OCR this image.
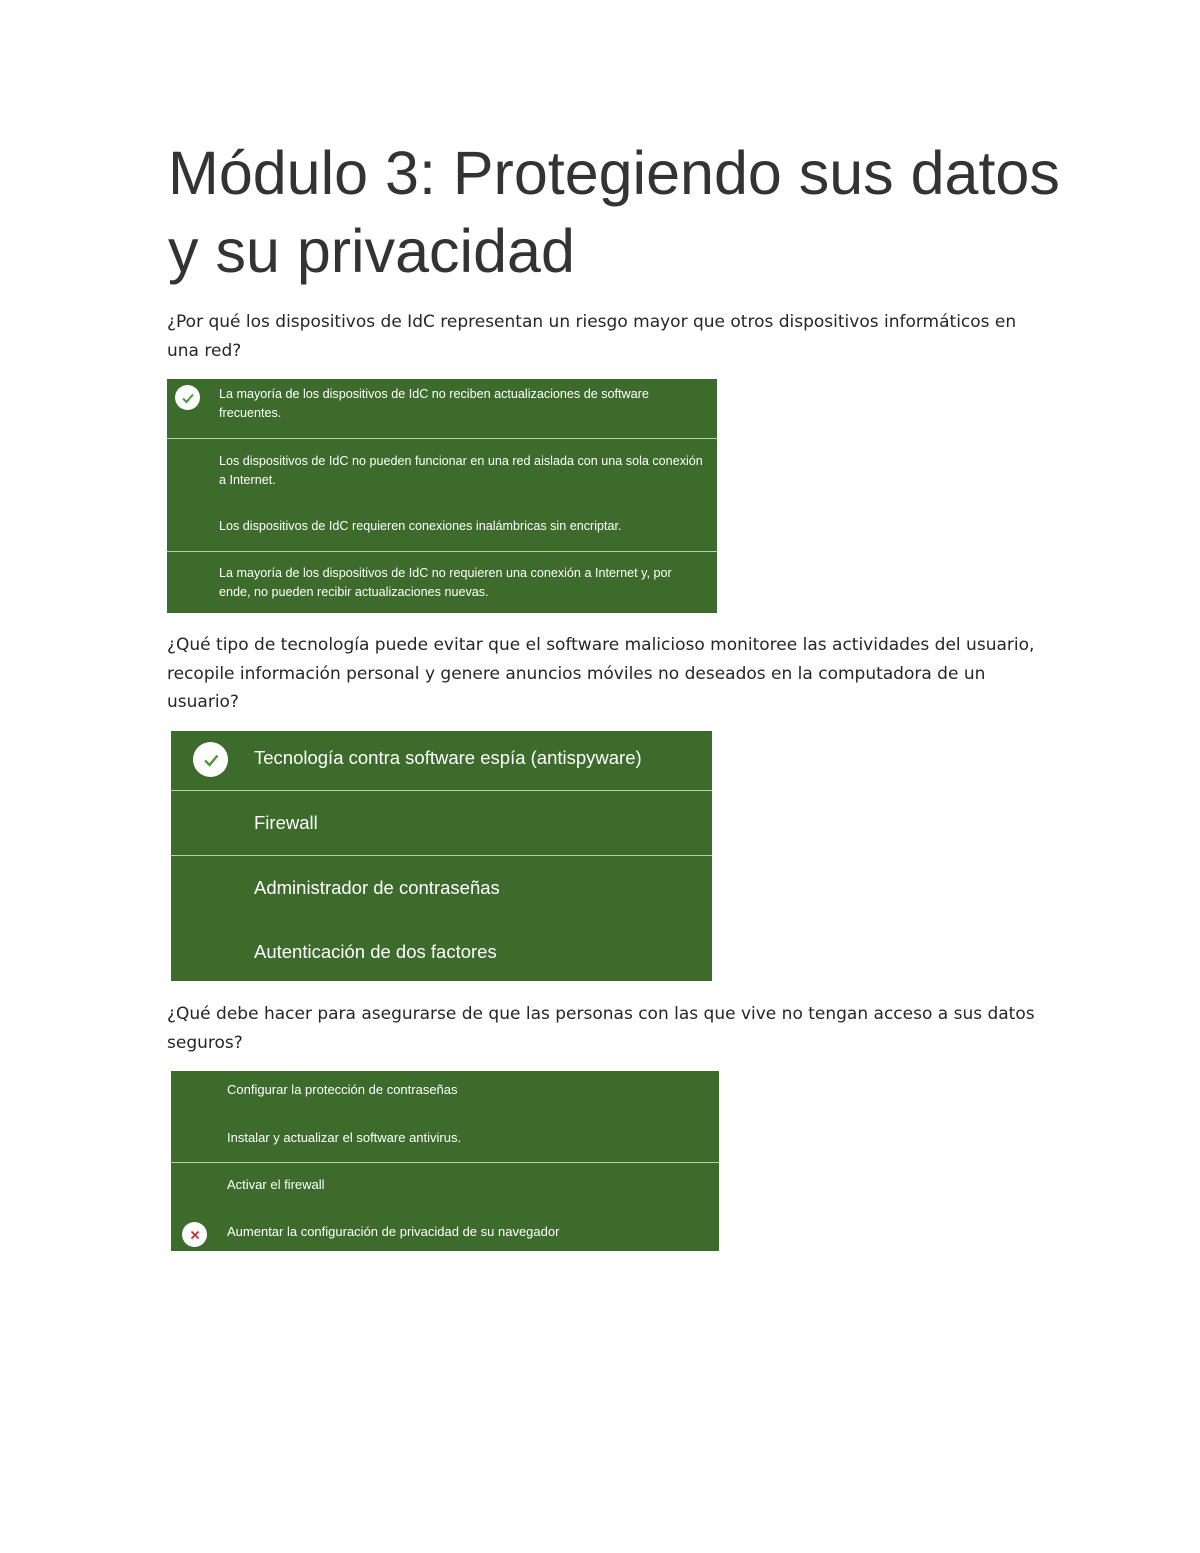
Módulo 3: Protegiendo sus datos y su privacidad

¿Por qué los dispositivos de IdC representan un riesgo mayor que otros dispositivos informáticos en una red?

La mayoría de los dispositivos de IdC no reciben actualizaciones de software frecuentes.
Los dispositivos de IdC no pueden funcionar en una red aislada con una sola conexión a Internet.
Los dispositivos de IdC requieren conexiones inalámbricas sin encriptar.
La mayoría de los dispositivos de IdC no requieren una conexión a Internet y, por ende, no pueden recibir actualizaciones nuevas.

¿Qué tipo de tecnología puede evitar que el software malicioso monitoree las actividades del usuario, recopile información personal y genere anuncios móviles no deseados en la computadora de un usuario?

Tecnología contra software espía (antispyware)
Firewall
Administrador de contraseñas
Autenticación de dos factores

¿Qué debe hacer para asegurarse de que las personas con las que vive no tengan acceso a sus datos seguros?

Configurar la protección de contraseñas
Instalar y actualizar el software antivirus.
Activar el firewall
Aumentar la configuración de privacidad de su navegador
